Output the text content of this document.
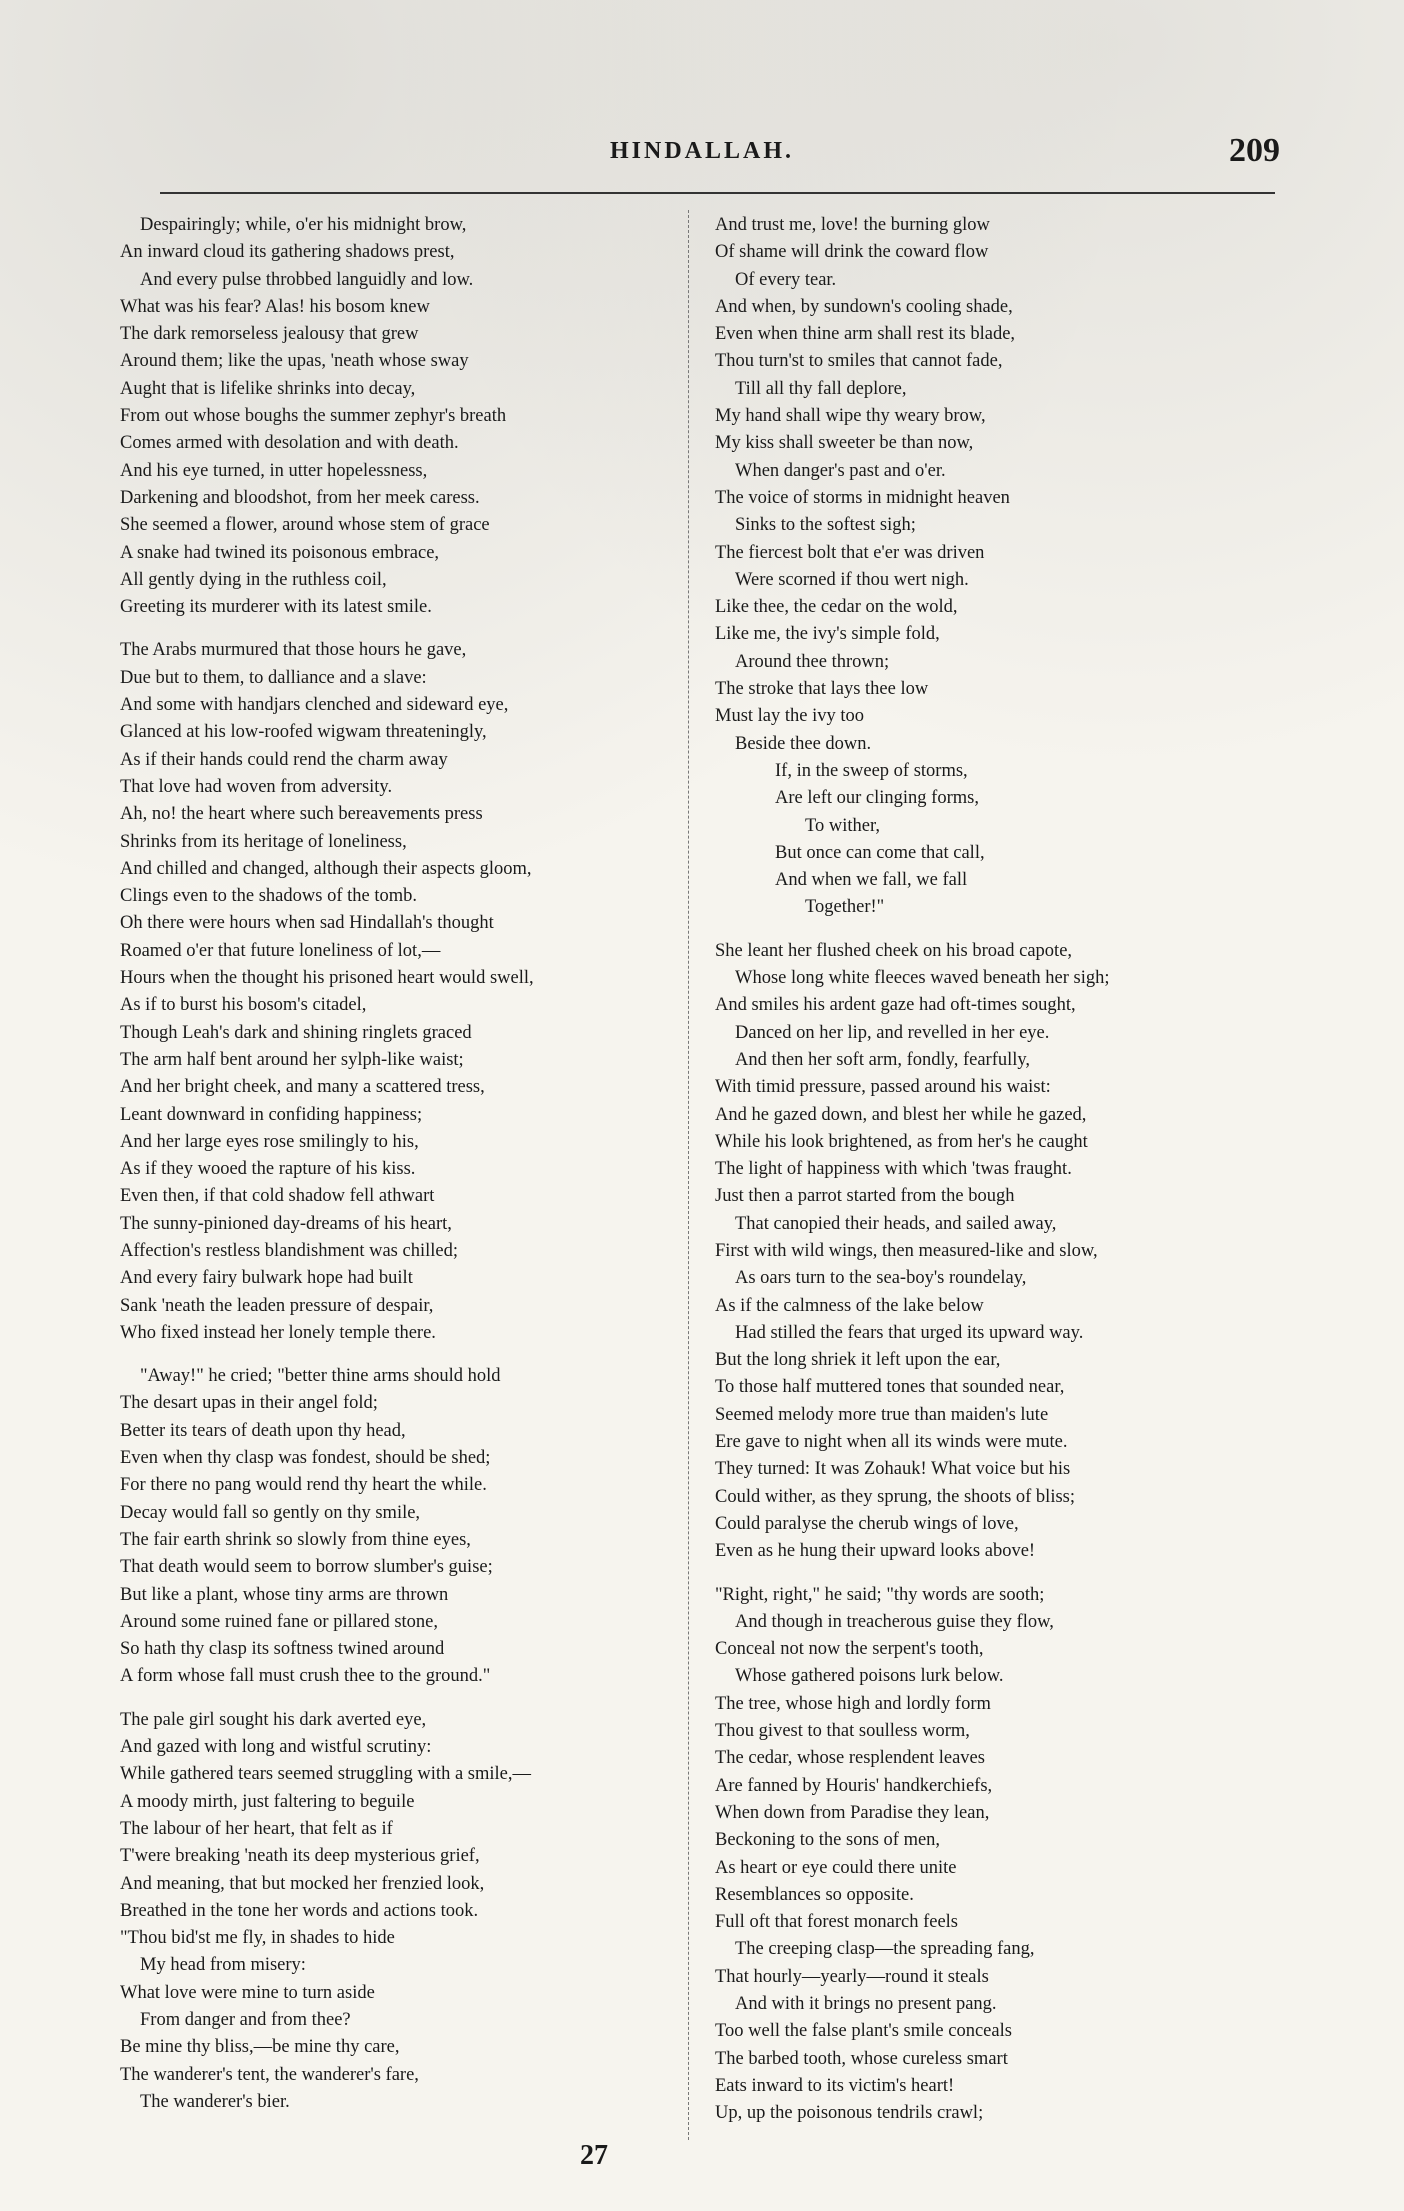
HINDALLAH.	209
Despairingly; while, o'er his midnight brow,
An inward cloud its gathering shadows prest,
And every pulse throbbed languidly and low.
What was his fear? Alas! his bosom knew
The dark remorseless jealousy that grew
Around them; like the upas, 'neath whose sway
Aught that is lifelike shrinks into decay,
From out whose boughs the summer zephyr's breath
Comes armed with desolation and with death.
And his eye turned, in utter hopelessness,
Darkening and bloodshot, from her meek caress.
She seemed a flower, around whose stem of grace
A snake had twined its poisonous embrace,
All gently dying in the ruthless coil,
Greeting its murderer with its latest smile.
The Arabs murmured that those hours he gave,
Due but to them, to dalliance and a slave:
And some with handjars clenched and sideward eye,
Glanced at his low-roofed wigwam threateningly,
As if their hands could rend the charm away
That love had woven from adversity.
Ah, no! the heart where such bereavements press
Shrinks from its heritage of loneliness,
And chilled and changed, although their aspects gloom,
Clings even to the shadows of the tomb.
Oh there were hours when sad Hindallah's thought
Roamed o'er that future loneliness of lot,—
Hours when the thought his prisoned heart would swell,
As if to burst his bosom's citadel,
Though Leah's dark and shining ringlets graced
The arm half bent around her sylph-like waist;
And her bright cheek, and many a scattered tress,
Leant downward in confiding happiness;
And her large eyes rose smilingly to his,
As if they wooed the rapture of his kiss.
Even then, if that cold shadow fell athwart
The sunny-pinioned day-dreams of his heart,
Affection's restless blandishment was chilled;
And every fairy bulwark hope had built
Sank 'neath the leaden pressure of despair,
Who fixed instead her lonely temple there.
"Away!" he cried; "better thine arms should hold
The desart upas in their angel fold;
Better its tears of death upon thy head,
Even when thy clasp was fondest, should be shed;
For there no pang would rend thy heart the while.
Decay would fall so gently on thy smile,
The fair earth shrink so slowly from thine eyes,
That death would seem to borrow slumber's guise;
But like a plant, whose tiny arms are thrown
Around some ruined fane or pillared stone,
So hath thy clasp its softness twined around
A form whose fall must crush thee to the ground."
The pale girl sought his dark averted eye,
And gazed with long and wistful scrutiny:
While gathered tears seemed struggling with a smile,—
A moody mirth, just faltering to beguile
The labour of her heart, that felt as if
T'were breaking 'neath its deep mysterious grief,
And meaning, that but mocked her frenzied look,
Breathed in the tone her words and actions took.
"Thou bid'st me fly, in shades to hide
My head from misery:
What love were mine to turn aside
From danger and from thee?
Be mine thy bliss,—be mine thy care,
The wanderer's tent, the wanderer's fare,
The wanderer's bier.
And trust me, love! the burning glow
Of shame will drink the coward flow
Of every tear.
And when, by sundown's cooling shade,
Even when thine arm shall rest its blade,
Thou turn'st to smiles that cannot fade,
Till all thy fall deplore,
My hand shall wipe thy weary brow,
My kiss shall sweeter be than now,
When danger's past and o'er.
The voice of storms in midnight heaven
Sinks to the softest sigh;
The fiercest bolt that e'er was driven
Were scorned if thou wert nigh.
Like thee, the cedar on the wold,
Like me, the ivy's simple fold,
Around thee thrown;
The stroke that lays thee low
Must lay the ivy too
Beside thee down.
If, in the sweep of storms,
Are left our clinging forms,
To wither,
But once can come that call,
And when we fall, we fall
Together!"
She leant her flushed cheek on his broad capote,
Whose long white fleeces waved beneath her sigh;
And smiles his ardent gaze had oft-times sought,
Danced on her lip, and revelled in her eye.
And then her soft arm, fondly, fearfully,
With timid pressure, passed around his waist:
And he gazed down, and blest her while he gazed,
While his look brightened, as from her's he caught
The light of happiness with which 'twas fraught.
Just then a parrot started from the bough
That canopied their heads, and sailed away,
First with wild wings, then measured-like and slow,
As oars turn to the sea-boy's roundelay,
As if the calmness of the lake below
Had stilled the fears that urged its upward way.
But the long shriek it left upon the ear,
To those half muttered tones that sounded near,
Seemed melody more true than maiden's lute
Ere gave to night when all its winds were mute.
They turned: It was Zohauk! What voice but his
Could wither, as they sprung, the shoots of bliss;
Could paralyse the cherub wings of love,
Even as he hung their upward looks above!
"Right, right," he said; "thy words are sooth;
And though in treacherous guise they flow,
Conceal not now the serpent's tooth,
Whose gathered poisons lurk below.
The tree, whose high and lordly form
Thou givest to that soulless worm,
The cedar, whose resplendent leaves
Are fanned by Houris' handkerchiefs,
When down from Paradise they lean,
Beckoning to the sons of men,
As heart or eye could there unite
Resemblances so opposite.
Full oft that forest monarch feels
The creeping clasp—the spreading fang,
That hourly—yearly—round it steals
And with it brings no present pang.
Too well the false plant's smile conceals
The barbed tooth, whose cureless smart
Eats inward to its victim's heart!
Up, up the poisonous tendrils crawl;
27
